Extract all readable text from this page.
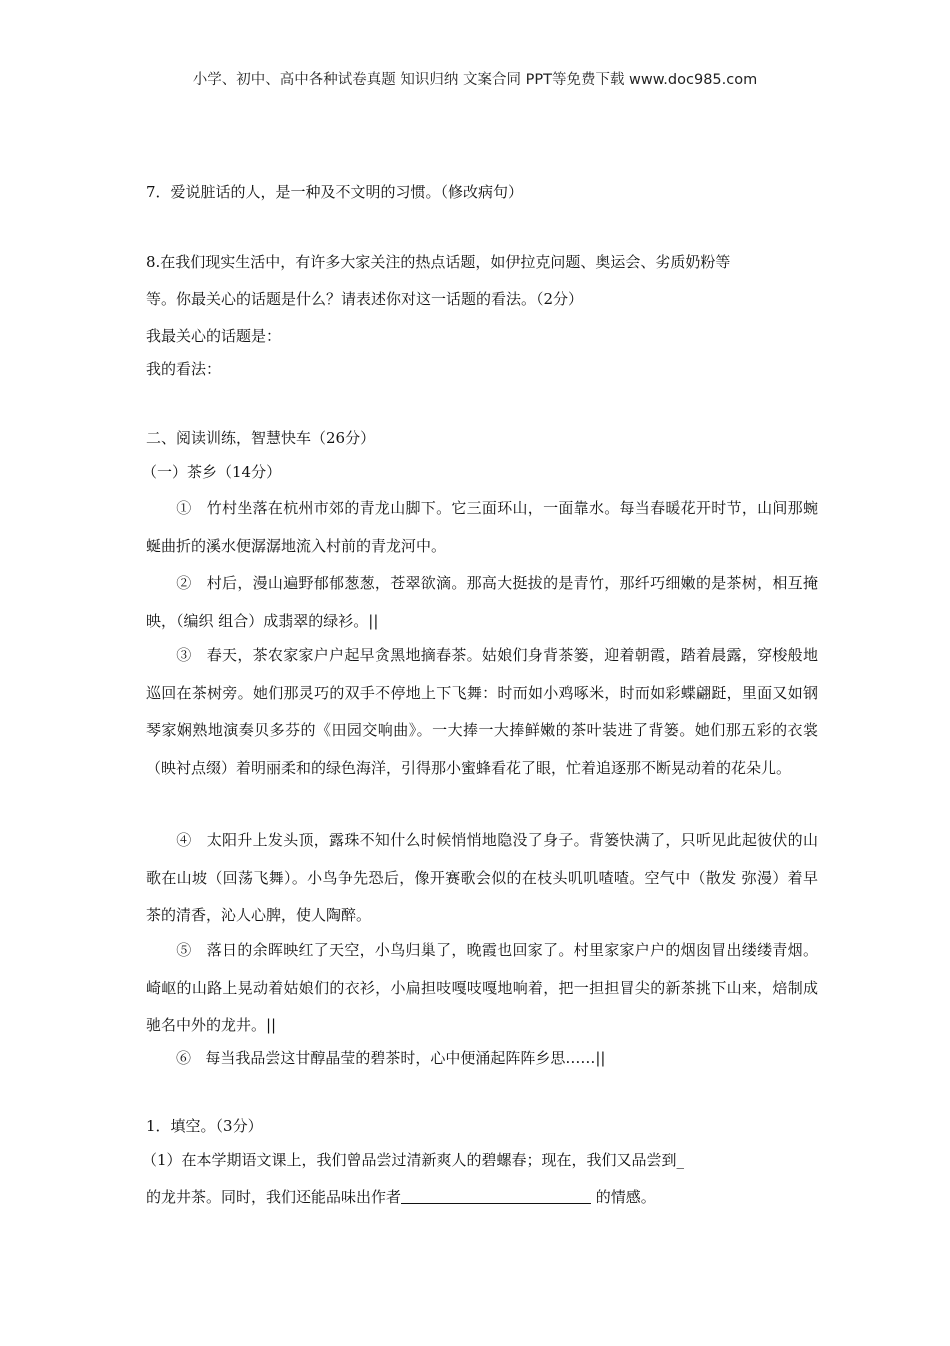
小学、初中、高中各种试卷真题 知识归纳 文案合同 PPT等免费下载 www.doc985.com
7．爱说脏话的人，是一种及不文明的习惯。（修改病句）
8.在我们现实生活中，有许多大家关注的热点话题，如伊拉克问题、奥运会、劣质奶粉等
等。你最关心的话题是什么？请表述你对这一话题的看法。（2分）
我最关心的话题是：
我的看法：
二、阅读训练，智慧快车（26分）
（一）茶乡（14分）
① 竹村坐落在杭州市郊的青龙山脚下。它三面环山，一面靠水。每当春暖花开时节，山间那蜿蜒曲折的溪水便潺潺地流入村前的青龙河中。
② 村后，漫山遍野郁郁葱葱，苍翠欲滴。那高大挺拔的是青竹，那纤巧细嫩的是茶树，相互掩映，（编织 组合）成翡翠的绿衫。||
③ 春天，茶农家家户户起早贪黑地摘春茶。姑娘们身背茶篓，迎着朝霞，踏着晨露，穿梭般地巡回在茶树旁。她们那灵巧的双手不停地上下飞舞：时而如小鸡啄米，时而如彩蝶翩跹，里面又如钢琴家娴熟地演奏贝多芬的《田园交响曲》。一大捧一大捧鲜嫩的茶叶装进了背篓。她们那五彩的衣裳（映衬点缀）着明丽柔和的绿色海洋，引得那小蜜蜂看花了眼，忙着追逐那不断晃动着的花朵儿。
④ 太阳升上发头顶，露珠不知什么时候悄悄地隐没了身子。背篓快满了，只听见此起彼伏的山歌在山坡（回荡飞舞）。小鸟争先恐后，像开赛歌会似的在枝头叽叽喳喳。空气中（散发 弥漫）着早茶的清香，沁人心脾，使人陶醉。
⑤ 落日的余晖映红了天空，小鸟归巢了，晚霞也回家了。村里家家户户的烟囱冒出缕缕青烟。崎岖的山路上晃动着姑娘们的衣衫，小扁担吱嘎吱嘎地响着，把一担担冒尖的新茶挑下山来，焙制成驰名中外的龙井。||
⑥ 每当我品尝这甘醇晶莹的碧茶时，心中便涌起阵阵乡思……||
1．填空。（3分）
（1）在本学期语文课上，我们曾品尝过清新爽人的碧螺春；现在，我们又品尝到_
的龙井茶。同时，我们还能品味出作者	的情感。
